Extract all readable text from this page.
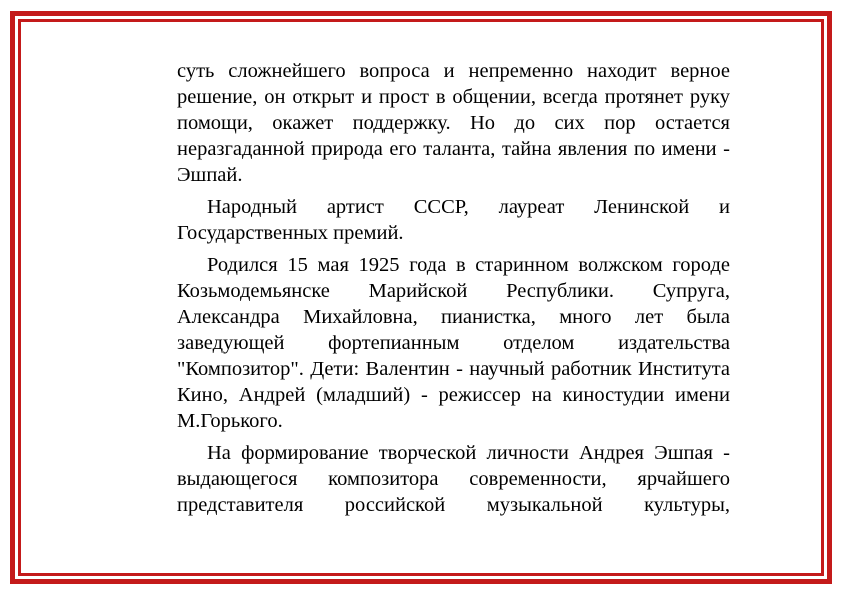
суть сложнейшего вопроса и непременно находит верное решение, он открыт и прост в общении, всегда протянет руку помощи, окажет поддержку. Но до сих пор остается неразгаданной природа его таланта, тайна явления по имени - Эшпай.

Народный артист СССР, лауреат Ленинской и Государственных премий.

Родился 15 мая 1925 года в старинном волжском городе Козьмодемьянске Марийской Республики. Супруга, Александра Михайловна, пианистка, много лет была заведующей фортепианным отделом издательства "Композитор". Дети: Валентин - научный работник Института Кино, Андрей (младший) - режиссер на киностудии имени М.Горького.

На формирование творческой личности Андрея Эшпая - выдающегося композитора современности, ярчайшего представителя российской музыкальной культуры,
